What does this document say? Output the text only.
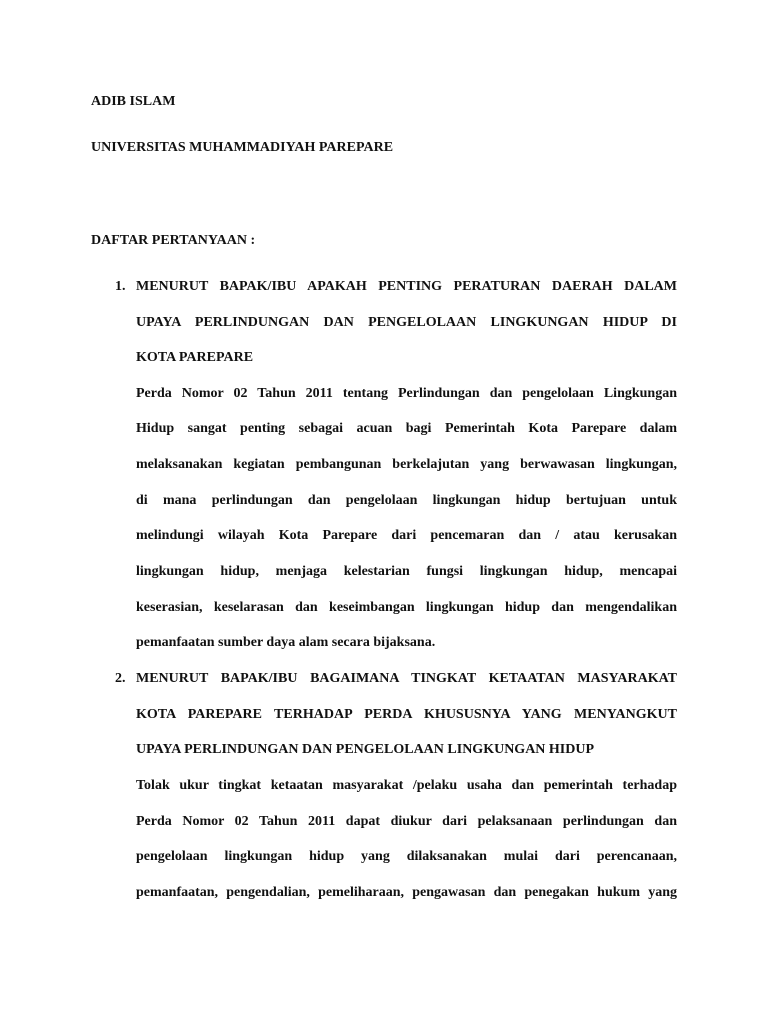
ADIB ISLAM
UNIVERSITAS MUHAMMADIYAH PAREPARE
DAFTAR PERTANYAAN :
1. MENURUT BAPAK/IBU APAKAH PENTING PERATURAN DAERAH DALAM
UPAYA PERLINDUNGAN DAN PENGELOLAAN LINGKUNGAN HIDUP DI
KOTA PAREPARE
Perda Nomor 02 Tahun 2011 tentang Perlindungan dan pengelolaan Lingkungan
Hidup sangat penting sebagai acuan bagi Pemerintah Kota Parepare dalam
melaksanakan kegiatan pembangunan berkelajutan yang berwawasan lingkungan,
di mana perlindungan dan pengelolaan lingkungan hidup bertujuan untuk
melindungi wilayah Kota Parepare dari pencemaran dan / atau kerusakan
lingkungan hidup, menjaga kelestarian fungsi lingkungan hidup, mencapai
keserasian, keselarasan dan keseimbangan lingkungan hidup dan mengendalikan
pemanfaatan sumber daya alam secara bijaksana.
2. MENURUT BAPAK/IBU BAGAIMANA TINGKAT KETAATAN MASYARAKAT
KOTA PAREPARE TERHADAP PERDA KHUSUSNYA YANG MENYANGKUT
UPAYA PERLINDUNGAN DAN PENGELOLAAN LINGKUNGAN HIDUP
Tolak ukur tingkat ketaatan masyarakat /pelaku usaha dan pemerintah terhadap
Perda Nomor 02 Tahun 2011 dapat diukur dari pelaksanaan perlindungan dan
pengelolaan lingkungan hidup yang dilaksanakan mulai dari perencanaan,
pemanfaatan, pengendalian, pemeliharaan, pengawasan dan penegakan hukum yang
